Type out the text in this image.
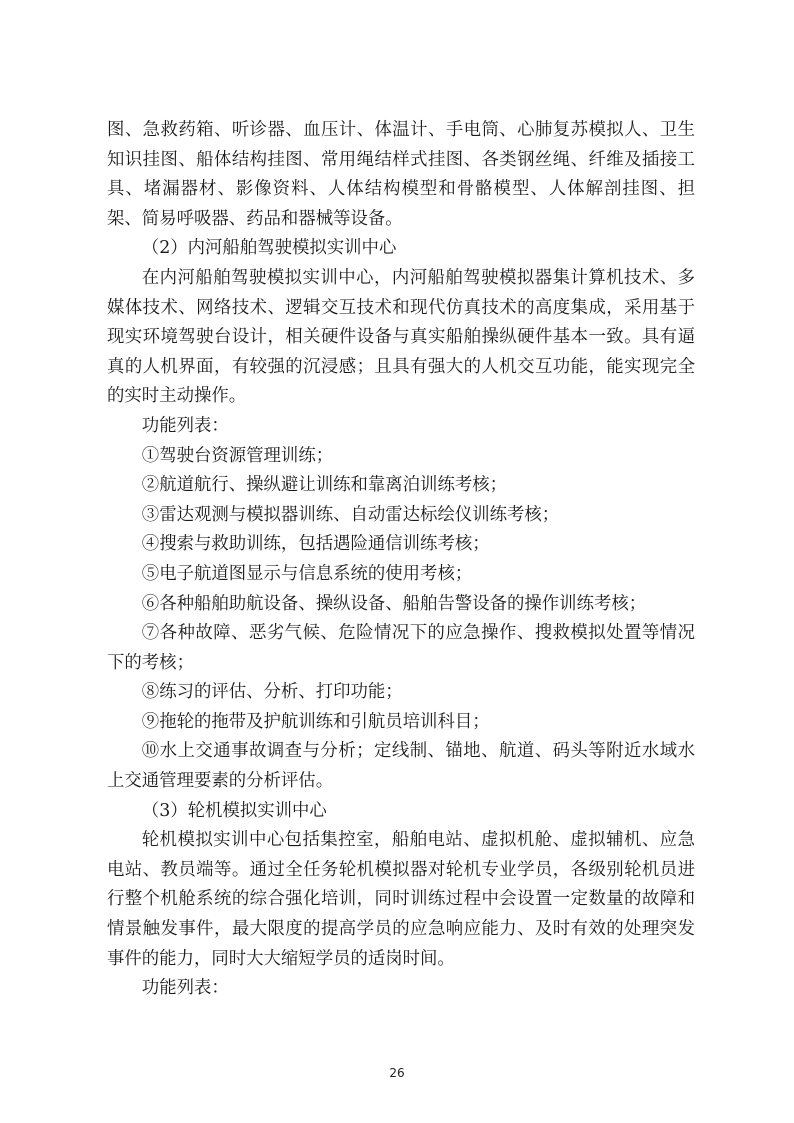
图、急救药箱、听诊器、血压计、体温计、手电筒、心肺复苏模拟人、卫生知识挂图、船体结构挂图、常用绳结样式挂图、各类钢丝绳、纤维及插接工具、堵漏器材、影像资料、人体结构模型和骨骼模型、人体解剖挂图、担架、简易呼吸器、药品和器械等设备。

（2）内河船舶驾驶模拟实训中心

在内河船舶驾驶模拟实训中心，内河船舶驾驶模拟器集计算机技术、多媒体技术、网络技术、逻辑交互技术和现代仿真技术的高度集成，采用基于现实环境驾驶台设计，相关硬件设备与真实船舶操纵硬件基本一致。具有逼真的人机界面，有较强的沉浸感；且具有强大的人机交互功能，能实现完全的实时主动操作。

功能列表：

①驾驶台资源管理训练；

②航道航行、操纵避让训练和靠离泊训练考核；

③雷达观测与模拟器训练、自动雷达标绘仪训练考核；

④搜索与救助训练，包括遇险通信训练考核；

⑤电子航道图显示与信息系统的使用考核；

⑥各种船舶助航设备、操纵设备、船舶告警设备的操作训练考核；

⑦各种故障、恶劣气候、危险情况下的应急操作、搜救模拟处置等情况下的考核；

⑧练习的评估、分析、打印功能；

⑨拖轮的拖带及护航训练和引航员培训科目；

⑩水上交通事故调查与分析；定线制、锚地、航道、码头等附近水域水上交通管理要素的分析评估。

（3）轮机模拟实训中心

轮机模拟实训中心包括集控室，船舶电站、虚拟机舱、虚拟辅机、应急电站、教员端等。通过全任务轮机模拟器对轮机专业学员，各级别轮机员进行整个机舱系统的综合强化培训，同时训练过程中会设置一定数量的故障和情景触发事件，最大限度的提高学员的应急响应能力、及时有效的处理突发事件的能力，同时大大缩短学员的适岗时间。

功能列表：

26
